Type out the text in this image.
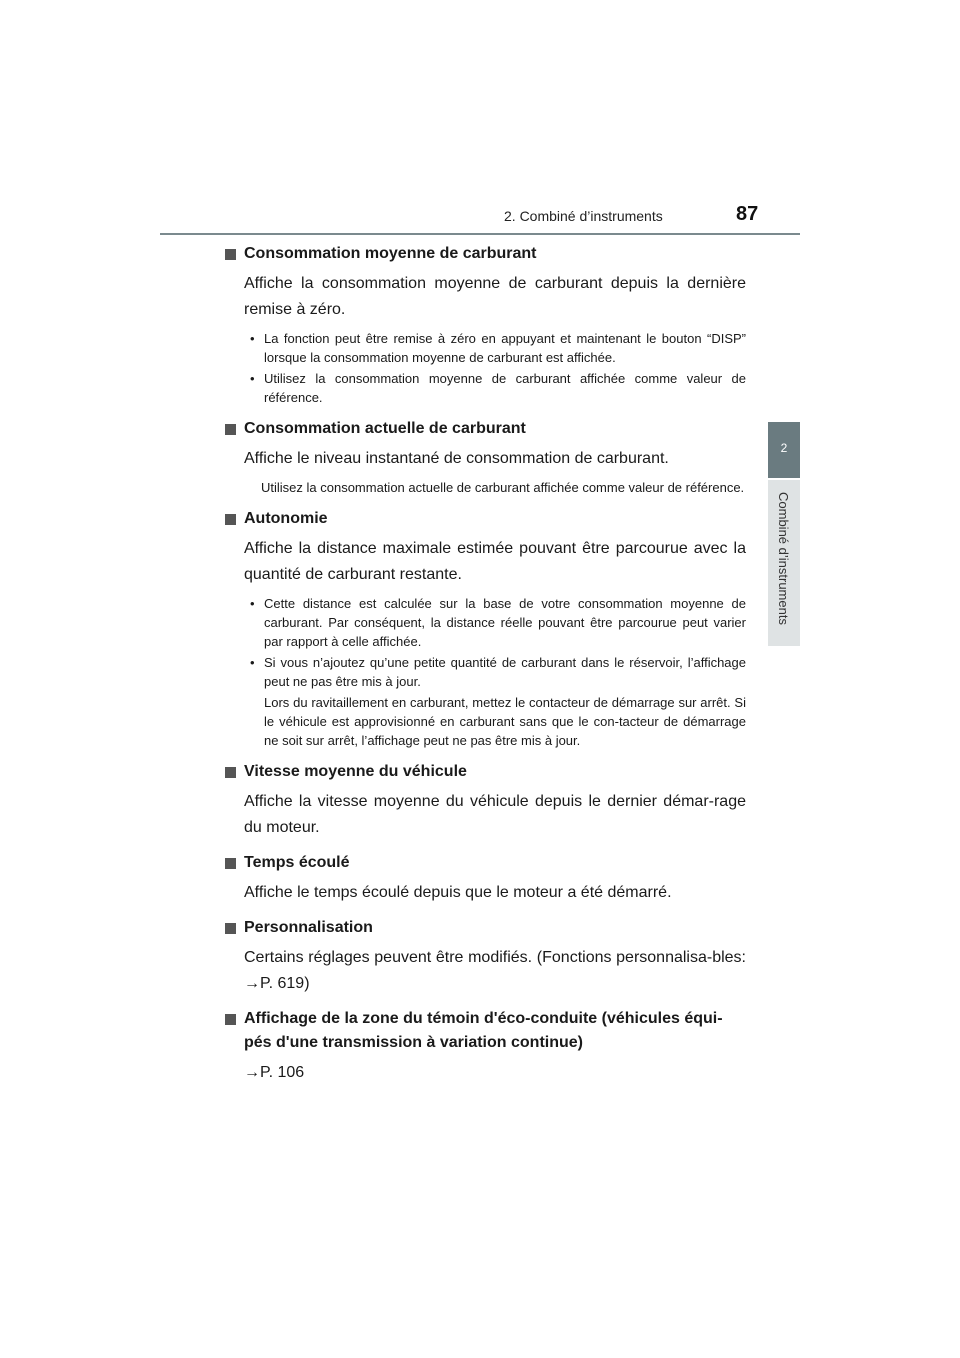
2. Combiné d’instruments	87
2
Combiné d’instruments
Consommation moyenne de carburant
Affiche la consommation moyenne de carburant depuis la dernière remise à zéro.
• La fonction peut être remise à zéro en appuyant et maintenant le bouton “DISP” lorsque la consommation moyenne de carburant est affichée.
• Utilisez la consommation moyenne de carburant affichée comme valeur de référence.
Consommation actuelle de carburant
Affiche le niveau instantané de consommation de carburant.
Utilisez la consommation actuelle de carburant affichée comme valeur de référence.
Autonomie
Affiche la distance maximale estimée pouvant être parcourue avec la quantité de carburant restante.
• Cette distance est calculée sur la base de votre consommation moyenne de carburant. Par conséquent, la distance réelle pouvant être parcourue peut varier par rapport à celle affichée.
• Si vous n’ajoutez qu’une petite quantité de carburant dans le réservoir, l’affichage peut ne pas être mis à jour.
Lors du ravitaillement en carburant, mettez le contacteur de démarrage sur arrêt. Si le véhicule est approvisionné en carburant sans que le con-tacteur de démarrage ne soit sur arrêt, l’affichage peut ne pas être mis à jour.
Vitesse moyenne du véhicule
Affiche la vitesse moyenne du véhicule depuis le dernier démar-rage du moteur.
Temps écoulé
Affiche le temps écoulé depuis que le moteur a été démarré.
Personnalisation
Certains réglages peuvent être modifiés. (Fonctions personnalisa-bles: →P. 619)
Affichage de la zone du témoin d'éco-conduite (véhicules équi-pés d'une transmission à variation continue)
→P. 106
